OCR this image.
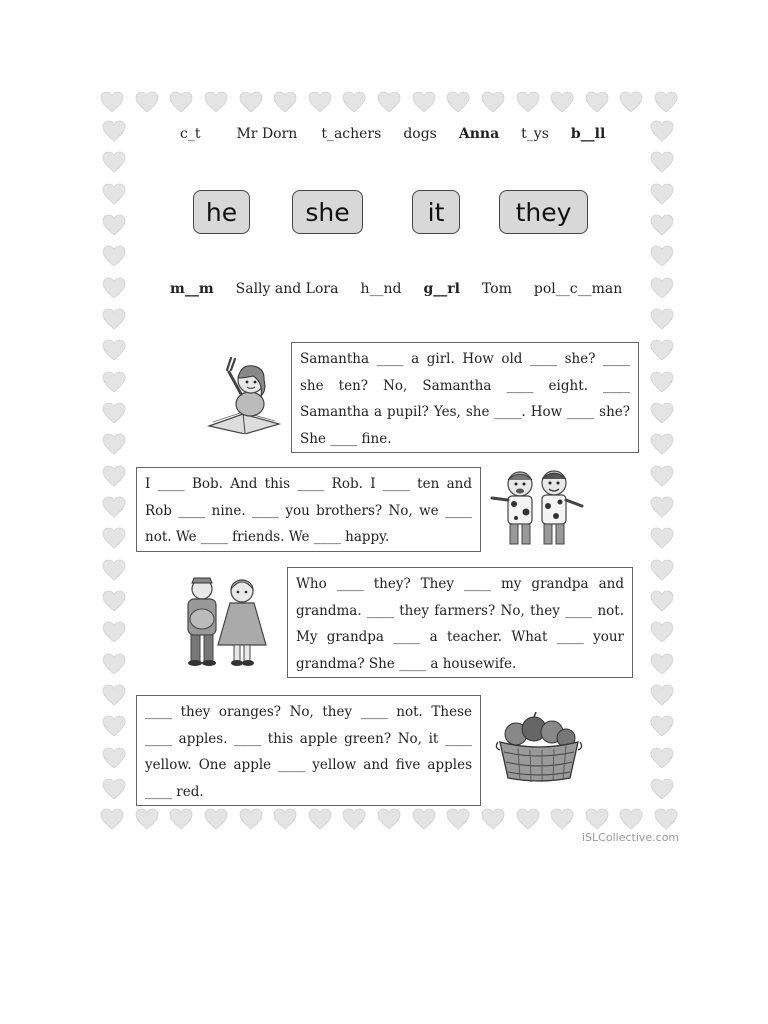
c_t	Mr Dorn t_achers dogs Anna t_ys b__ll
he	she	it	they
m__m Sally and Lora h__nd g__rl Tom pol__c__man
Samantha ____ a girl. How old ____ she? ____ she ten? No, Samantha ____ eight. ____ Samantha a pupil? Yes, she ____. How ____ she? She ____ fine.
I ____ Bob. And this ____ Rob. I ____ ten and Rob ____ nine. ____ you brothers? No, we ____ not. We ____ friends. We ____ happy.
Who ____ they? They ____ my grandpa and grandma. ____ they farmers? No, they ____ not. My grandpa ____ a teacher. What ____ your grandma? She ____ a housewife.
____ they oranges? No, they ____ not. These ____ apples. ____ this apple green? No, it ____ yellow. One apple ____ yellow and five apples ____ red.
iSLCollective.com
